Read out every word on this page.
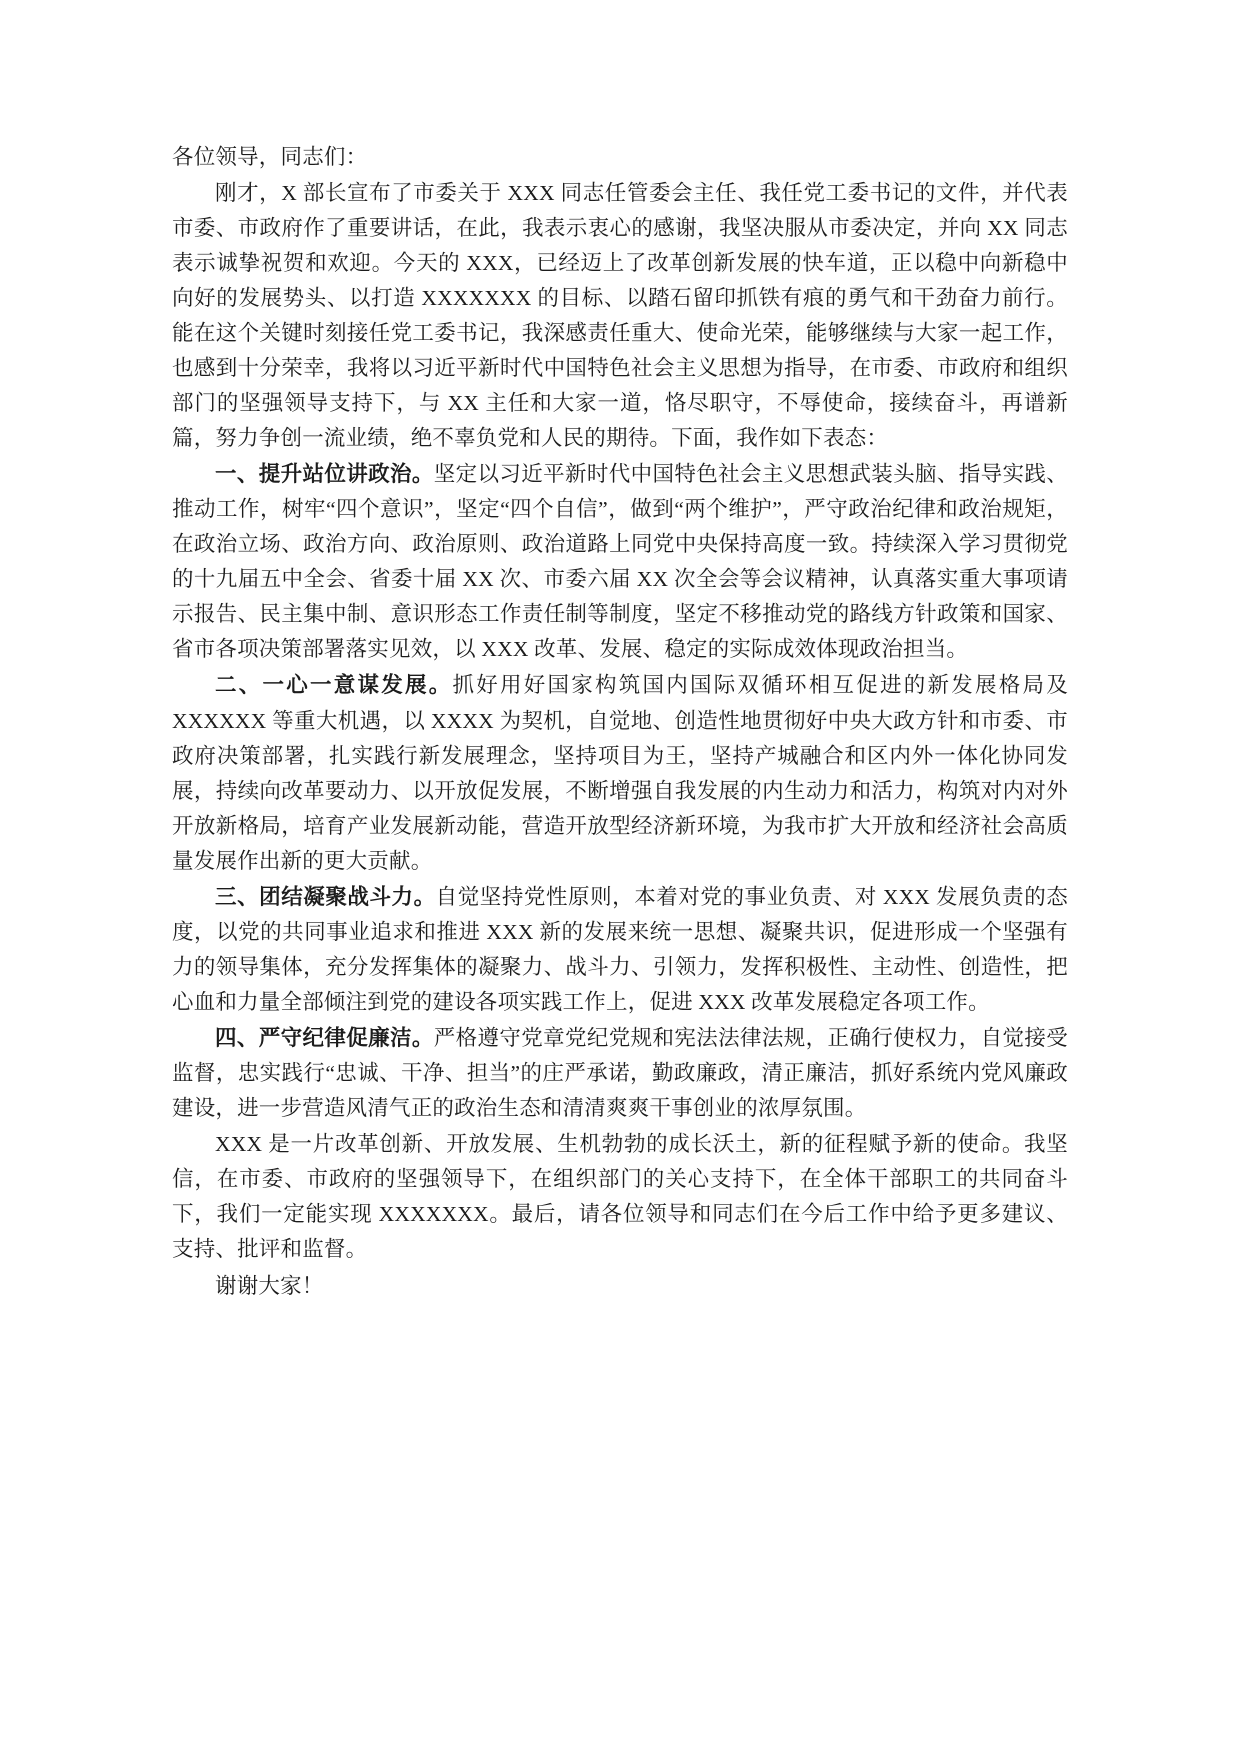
各位领导，同志们：

刚才，X 部长宣布了市委关于 XXX 同志任管委会主任、我任党工委书记的文件，并代表市委、市政府作了重要讲话，在此，我表示衷心的感谢，我坚决服从市委决定，并向 XX 同志表示诚挚祝贺和欢迎。今天的 XXX，已经迈上了改革创新发展的快车道，正以稳中向新稳中向好的发展势头、以打造 XXXXXXX 的目标、以踏石留印抓铁有痕的勇气和干劲奋力前行。能在这个关键时刻接任党工委书记，我深感责任重大、使命光荣，能够继续与大家一起工作，也感到十分荣幸，我将以习近平新时代中国特色社会主义思想为指导，在市委、市政府和组织部门的坚强领导支持下，与 XX 主任和大家一道，恪尽职守，不辱使命，接续奋斗，再谱新篇，努力争创一流业绩，绝不辜负党和人民的期待。下面，我作如下表态：

一、提升站位讲政治。坚定以习近平新时代中国特色社会主义思想武装头脑、指导实践、推动工作，树牢“四个意识”，坚定“四个自信”，做到“两个维护”，严守政治纪律和政治规矩，在政治立场、政治方向、政治原则、政治道路上同党中央保持高度一致。持续深入学习贯彻党的十九届五中全会、省委十届 XX 次、市委六届 XX 次全会等会议精神，认真落实重大事项请示报告、民主集中制、意识形态工作责任制等制度，坚定不移推动党的路线方针政策和国家、省市各项决策部署落实见效，以 XXX 改革、发展、稳定的实际成效体现政治担当。

二、一心一意谋发展。抓好用好国家构筑国内国际双循环相互促进的新发展格局及 XXXXXX 等重大机遇，以 XXXX 为契机，自觉地、创造性地贯彻好中央大政方针和市委、市政府决策部署，扎实践行新发展理念，坚持项目为王，坚持产城融合和区内外一体化协同发展，持续向改革要动力、以开放促发展，不断增强自我发展的内生动力和活力，构筑对内对外开放新格局，培育产业发展新动能，营造开放型经济新环境，为我市扩大开放和经济社会高质量发展作出新的更大贡献。

三、团结凝聚战斗力。自觉坚持党性原则，本着对党的事业负责、对 XXX 发展负责的态度，以党的共同事业追求和推进 XXX 新的发展来统一思想、凝聚共识，促进形成一个坚强有力的领导集体，充分发挥集体的凝聚力、战斗力、引领力，发挥积极性、主动性、创造性，把心血和力量全部倾注到党的建设各项实践工作上，促进 XXX 改革发展稳定各项工作。

四、严守纪律促廉洁。严格遵守党章党纪党规和宪法法律法规，正确行使权力，自觉接受监督，忠实践行“忠诚、干净、担当”的庄严承诺，勤政廉政，清正廉洁，抓好系统内党风廉政建设，进一步营造风清气正的政治生态和清清爽爽干事创业的浓厚氛围。

XXX 是一片改革创新、开放发展、生机勃勃的成长沃土，新的征程赋予新的使命。我坚信，在市委、市政府的坚强领导下，在组织部门的关心支持下，在全体干部职工的共同奋斗下，我们一定能实现 XXXXXXX。最后，请各位领导和同志们在今后工作中给予更多建议、支持、批评和监督。

谢谢大家！
